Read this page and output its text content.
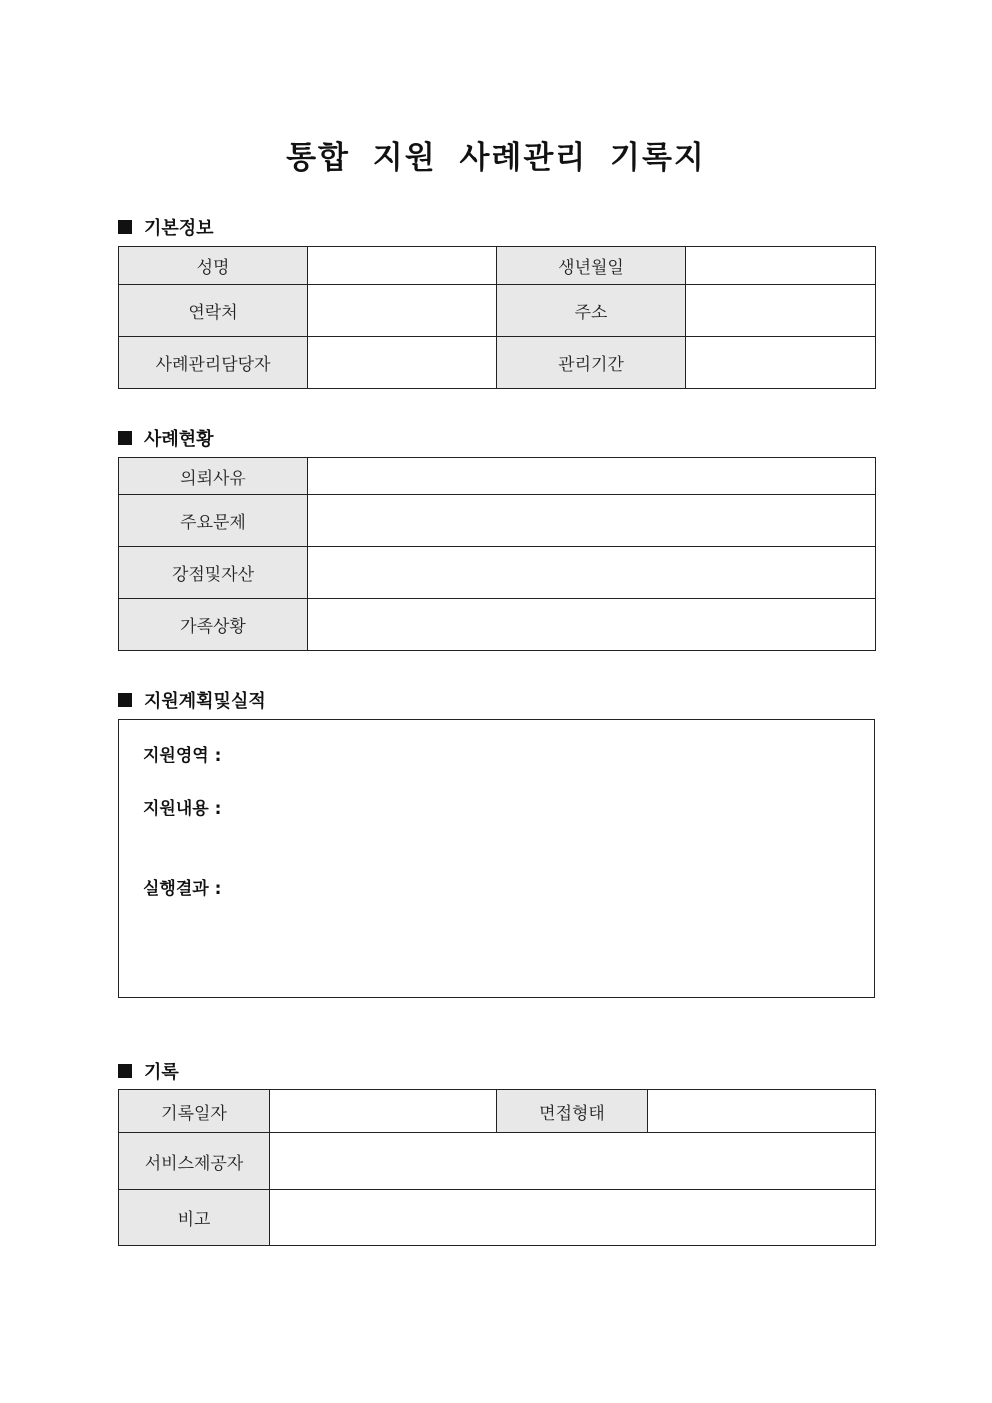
통합 지원 사례관리 기록지
기본정보
성명		생년월일	
연락처		주소	
사례관리담당자		관리기간	
사례현황
의뢰사유	
주요문제	
강점및자산	
가족상황	
지원계획및실적
지원영역 :
지원내용 :
실행결과 :
기록
기록일자		면접형태	
서비스제공자			
비고			
